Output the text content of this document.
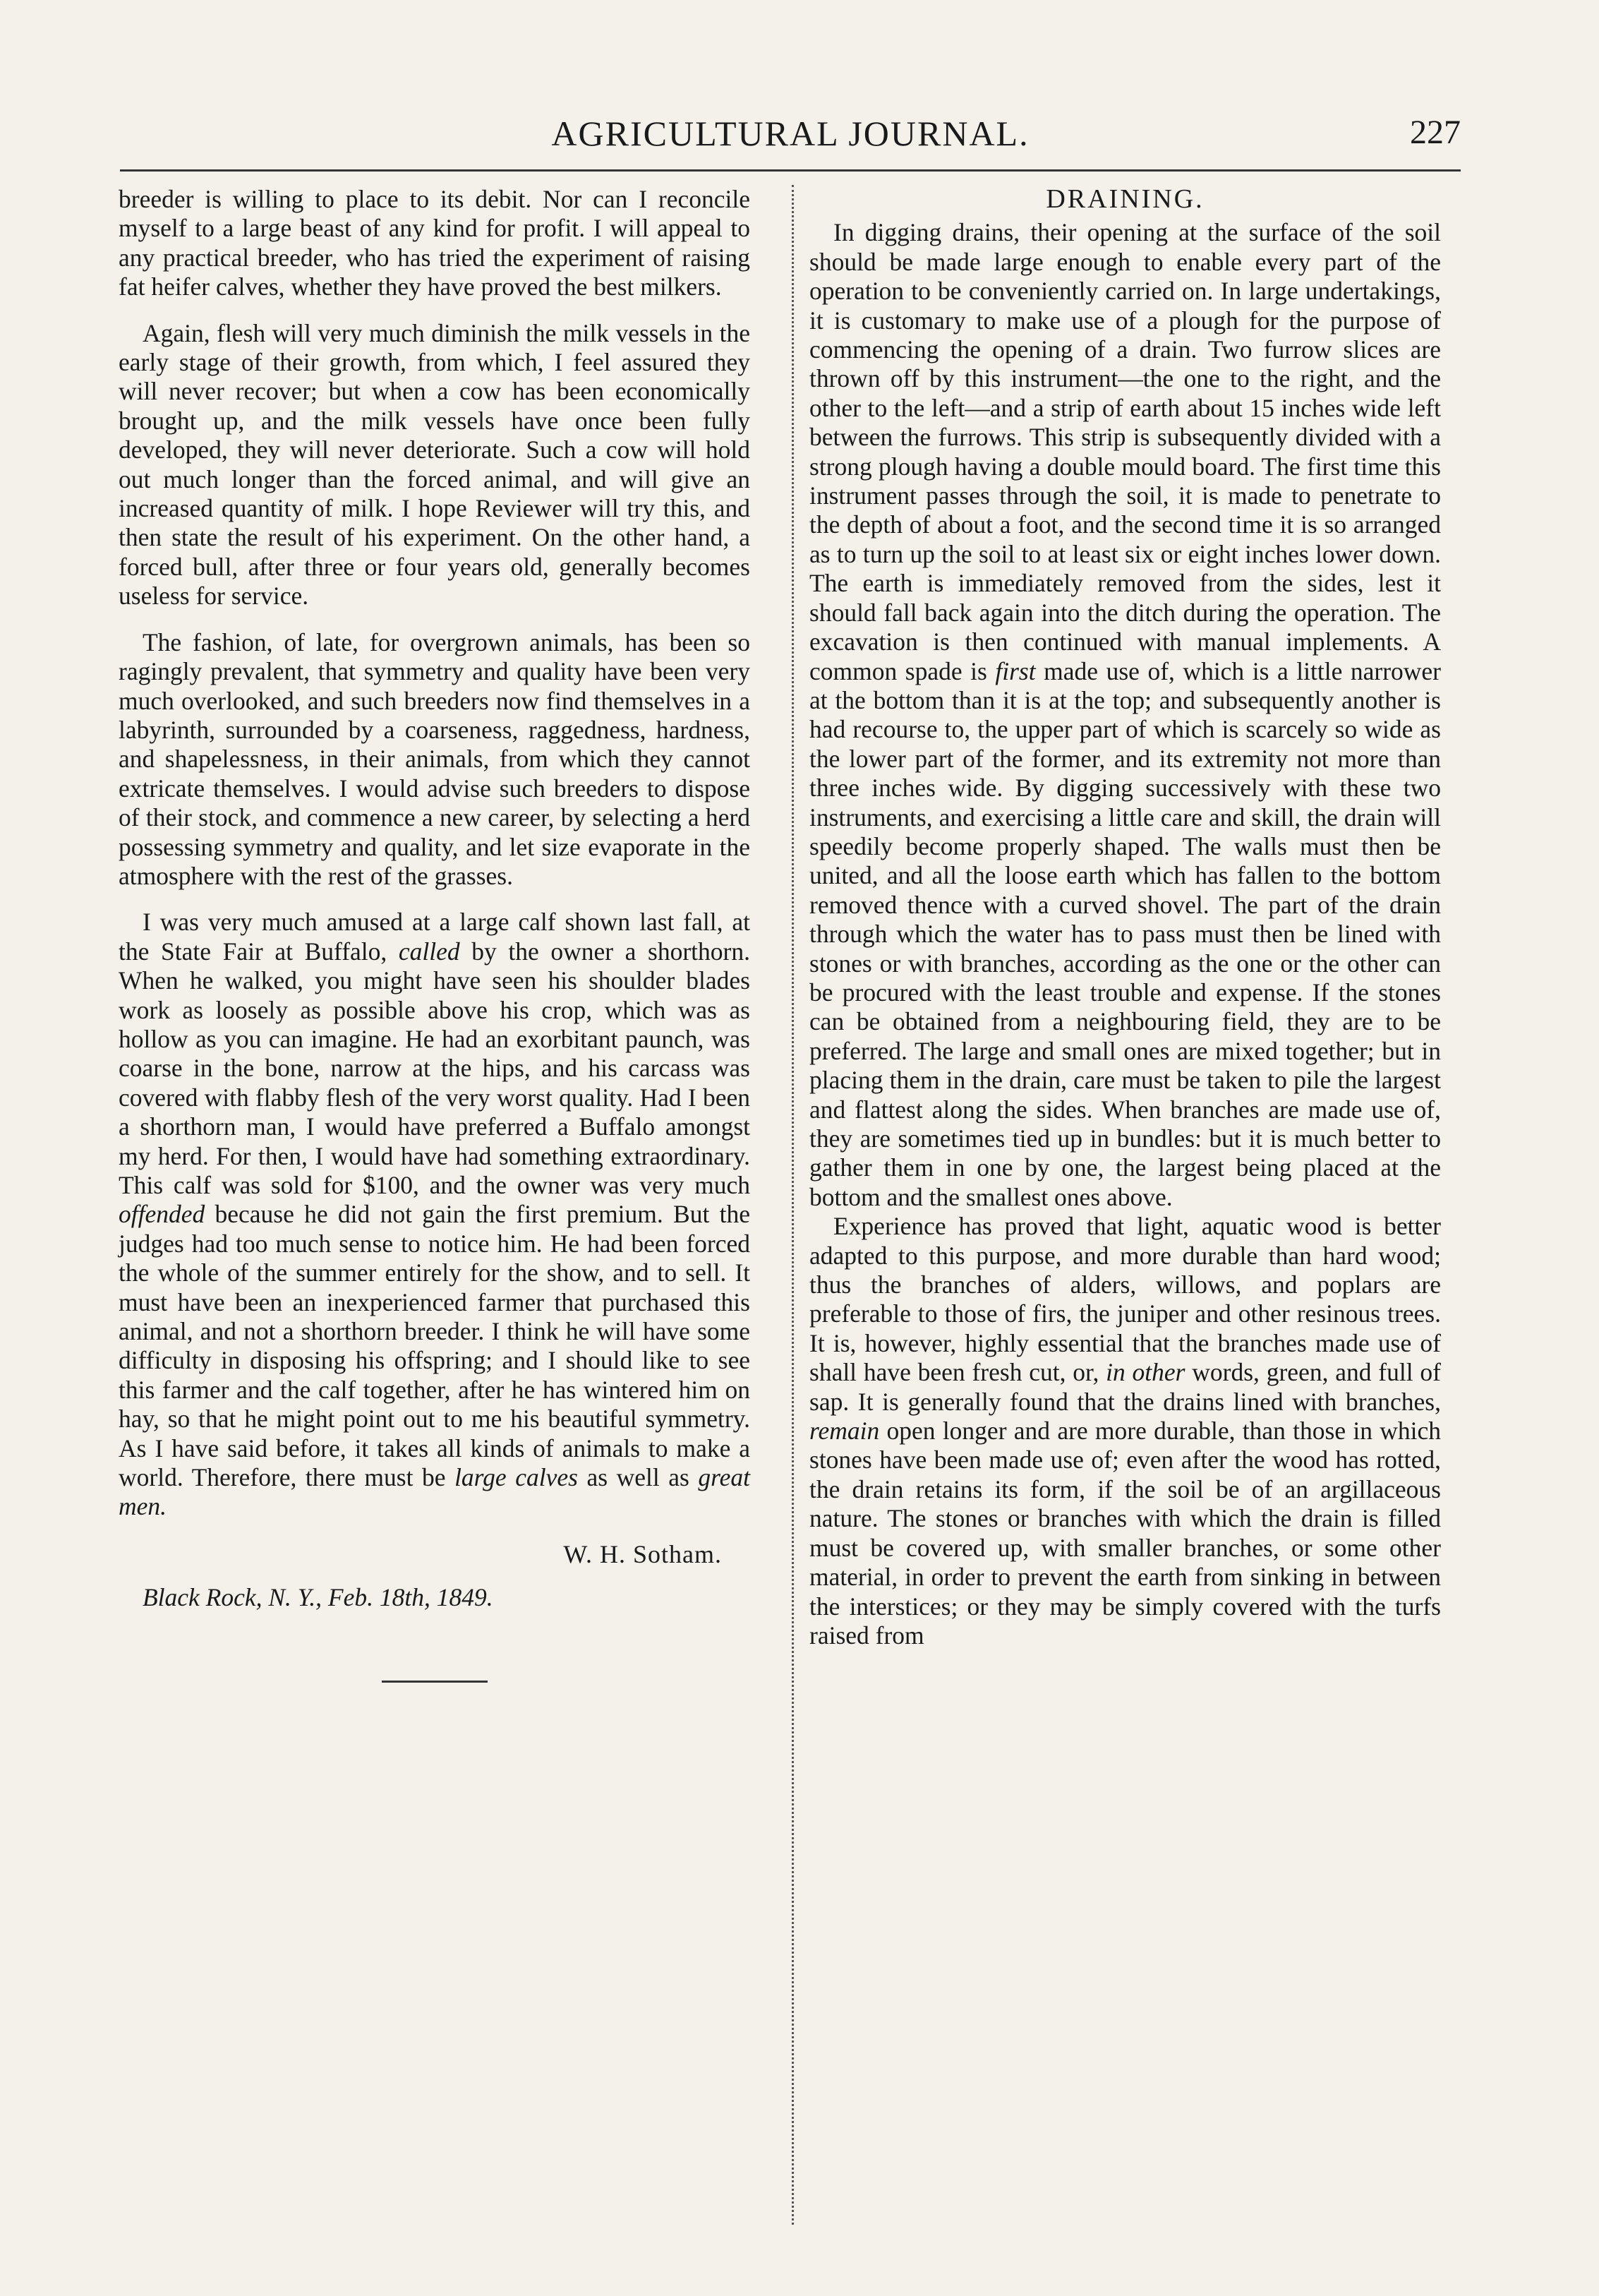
AGRICULTURAL JOURNAL.	227

breeder is willing to place to its debit. Nor can I reconcile myself to a large beast of any kind for profit. I will appeal to any practical breeder, who has tried the experiment of raising fat heifer calves, whether they have proved the best milkers.

Again, flesh will very much diminish the milk vessels in the early stage of their growth, from which, I feel assured they will never recover; but when a cow has been economically brought up, and the milk vessels have once been fully developed, they will never deteriorate. Such a cow will hold out much longer than the forced animal, and will give an increased quantity of milk. I hope Reviewer will try this, and then state the result of his experiment. On the other hand, a forced bull, after three or four years old, generally becomes useless for service.

The fashion, of late, for overgrown animals, has been so ragingly prevalent, that symmetry and quality have been very much overlooked, and such breeders now find themselves in a labyrinth, surrounded by a coarseness, raggedness, hardness, and shapelessness, in their animals, from which they cannot extricate themselves. I would advise such breeders to dispose of their stock, and commence a new career, by selecting a herd possessing symmetry and quality, and let size evaporate in the atmosphere with the rest of the grasses.

I was very much amused at a large calf shown last fall, at the State Fair at Buffalo, called by the owner a shorthorn. When he walked, you might have seen his shoulder blades work as loosely as possible above his crop, which was as hollow as you can imagine. He had an exorbitant paunch, was coarse in the bone, narrow at the hips, and his carcass was covered with flabby flesh of the very worst quality. Had I been a shorthorn man, I would have preferred a Buffalo amongst my herd. For then, I would have had something extraordinary. This calf was sold for $100, and the owner was very much offended because he did not gain the first premium. But the judges had too much sense to notice him. He had been forced the whole of the summer entirely for the show, and to sell. It must have been an inexperienced farmer that purchased this animal, and not a shorthorn breeder. I think he will have some difficulty in disposing his offspring; and I should like to see this farmer and the calf together, after he has wintered him on hay, so that he might point out to me his beautiful symmetry. As I have said before, it takes all kinds of animals to make a world. Therefore, there must be large calves as well as great men.

W. H. Sotham.
Black Rock, N. Y., Feb. 18th, 1849.
DRAINING.

In digging drains, their opening at the surface of the soil should be made large enough to enable every part of the operation to be conveniently carried on. In large undertakings, it is customary to make use of a plough for the purpose of commencing the opening of a drain. Two furrow slices are thrown off by this instrument—the one to the right, and the other to the left—and a strip of earth about 15 inches wide left between the furrows. This strip is subsequently divided with a strong plough having a double mould board. The first time this instrument passes through the soil, it is made to penetrate to the depth of about a foot, and the second time it is so arranged as to turn up the soil to at least six or eight inches lower down. The earth is immediately removed from the sides, lest it should fall back again into the ditch during the operation. The excavation is then continued with manual implements. A common spade is first made use of, which is a little narrower at the bottom than it is at the top; and subsequently another is had recourse to, the upper part of which is scarcely so wide as the lower part of the former, and its extremity not more than three inches wide. By digging successively with these two instruments, and exercising a little care and skill, the drain will speedily become properly shaped. The walls must then be united, and all the loose earth which has fallen to the bottom removed thence with a curved shovel. The part of the drain through which the water has to pass must then be lined with stones or with branches, according as the one or the other can be procured with the least trouble and expense. If the stones can be obtained from a neighbouring field, they are to be preferred. The large and small ones are mixed together; but in placing them in the drain, care must be taken to pile the largest and flattest along the sides. When branches are made use of, they are sometimes tied up in bundles: but it is much better to gather them in one by one, the largest being placed at the bottom and the smallest ones above.

Experience has proved that light, aquatic wood is better adapted to this purpose, and more durable than hard wood; thus the branches of alders, willows, and poplars are preferable to those of firs, the juniper and other resinous trees. It is, however, highly essential that the branches made use of shall have been fresh cut, or, in other words, green, and full of sap. It is generally found that the drains lined with branches, remain open longer and are more durable, than those in which stones have been made use of; even after the wood has rotted, the drain retains its form, if the soil be of an argillaceous nature. The stones or branches with which the drain is filled must be covered up, with smaller branches, or some other material, in order to prevent the earth from sinking in between the interstices; or they may be simply covered with the turfs raised from
